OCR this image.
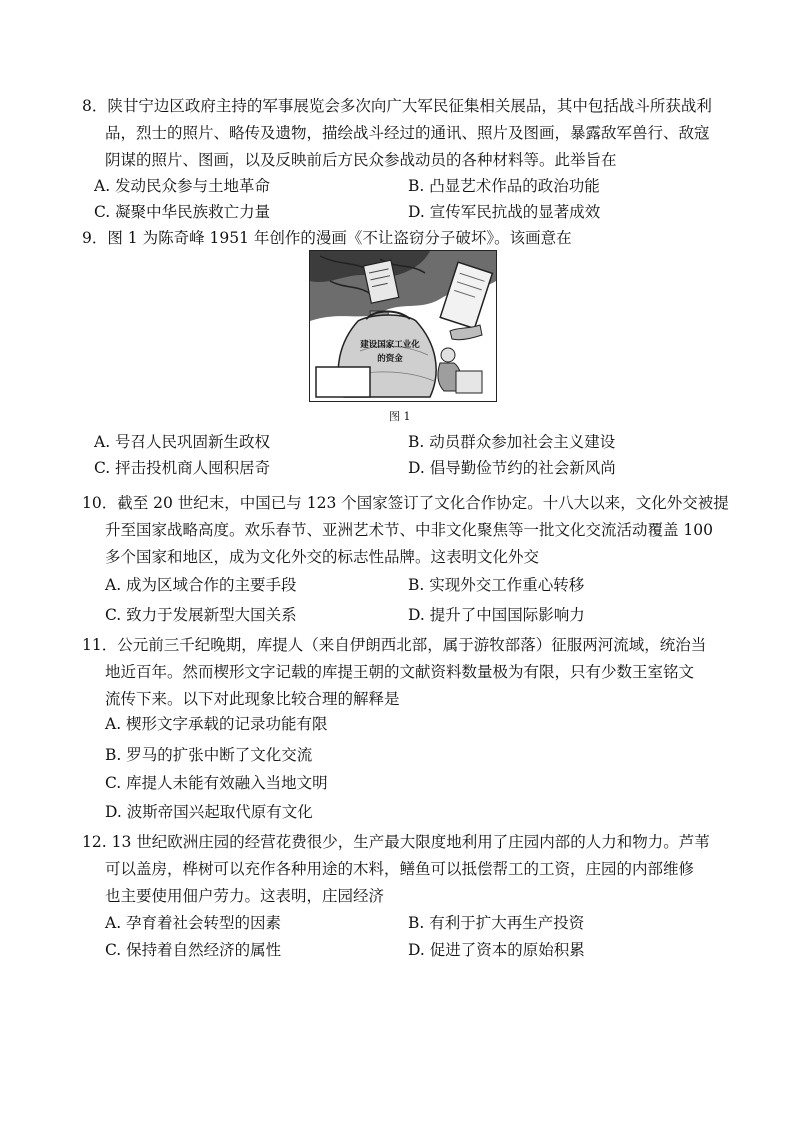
8．陕甘宁边区政府主持的军事展览会多次向广大军民征集相关展品，其中包括战斗所获战利
品，烈士的照片、略传及遗物，描绘战斗经过的通讯、照片及图画，暴露敌军兽行、敌寇
阴谋的照片、图画，以及反映前后方民众参战动员的各种材料等。此举旨在
A. 发动民众参与土地革命	B. 凸显艺术作品的政治功能
C. 凝聚中华民族救亡力量	D. 宣传军民抗战的显著成效
9．图 1 为陈奇峰 1951 年创作的漫画《不让盗窃分子破坏》。该画意在
建设国家工业化
的资金
图 1
A. 号召人民巩固新生政权	B. 动员群众参加社会主义建设
C. 抨击投机商人囤积居奇	D. 倡导勤俭节约的社会新风尚
10．截至 20 世纪末，中国已与 123 个国家签订了文化合作协定。十八大以来，文化外交被提
升至国家战略高度。欢乐春节、亚洲艺术节、中非文化聚焦等一批文化交流活动覆盖 100
多个国家和地区，成为文化外交的标志性品牌。这表明文化外交
A. 成为区域合作的主要手段	B. 实现外交工作重心转移
C. 致力于发展新型大国关系	D. 提升了中国国际影响力
11．公元前三千纪晚期，库提人（来自伊朗西北部，属于游牧部落）征服两河流域，统治当
地近百年。然而楔形文字记载的库提王朝的文献资料数量极为有限，只有少数王室铭文
流传下来。以下对此现象比较合理的解释是
A. 楔形文字承载的记录功能有限
B. 罗马的扩张中断了文化交流
C. 库提人未能有效融入当地文明
D. 波斯帝国兴起取代原有文化
12. 13 世纪欧洲庄园的经营花费很少，生产最大限度地利用了庄园内部的人力和物力。芦苇
可以盖房，桦树可以充作各种用途的木料，鳝鱼可以抵偿帮工的工资，庄园的内部维修
也主要使用佃户劳力。这表明，庄园经济
A. 孕育着社会转型的因素	B. 有利于扩大再生产投资
C. 保持着自然经济的属性	D. 促进了资本的原始积累
